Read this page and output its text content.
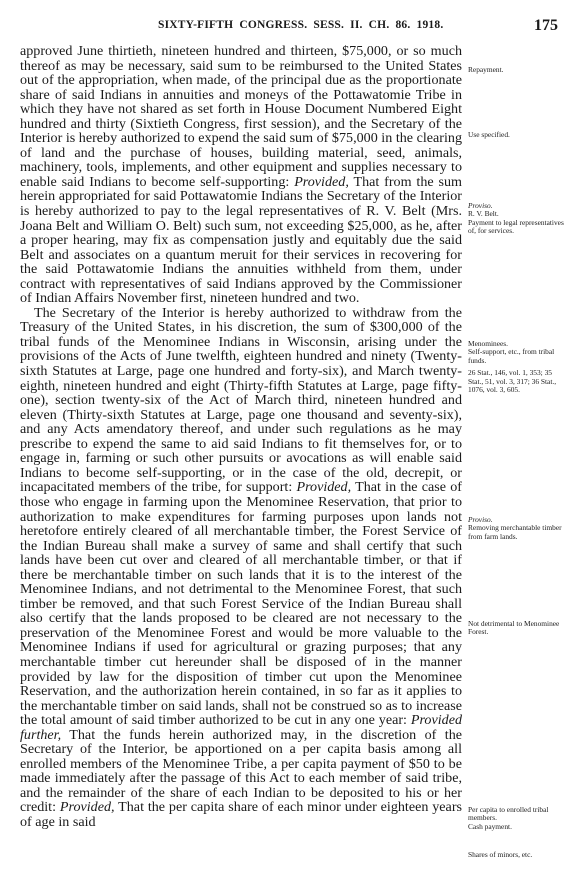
SIXTY-FIFTH CONGRESS. SESS. II. CH. 86. 1918.	175

approved June thirtieth, nineteen hundred and thirteen, $75,000, or so much thereof as may be necessary, said sum to be reimbursed to the United States out of the appropriation, when made, of the principal due as the proportionate share of said Indians in annuities and moneys of the Pottawatomie Tribe in which they have not shared as set forth in House Document Numbered Eight hundred and thirty (Sixtieth Congress, first session), and the Secretary of the Interior is hereby authorized to expend the said sum of $75,000 in the clearing of land and the purchase of houses, building material, seed, animals, machinery, tools, implements, and other equipment and supplies necessary to enable said Indians to become self-supporting: Provided, That from the sum herein appropriated for said Pottawatomie Indians the Secretary of the Interior is hereby authorized to pay to the legal representatives of R. V. Belt (Mrs. Joana Belt and William O. Belt) such sum, not exceeding $25,000, as he, after a proper hearing, may fix as compensation justly and equitably due the said Belt and associates on a quantum meruit for their services in recovering for the said Pottawatomie Indians the annuities withheld from them, under contract with representatives of said Indians approved by the Commissioner of Indian Affairs November first, nineteen hundred and two.

The Secretary of the Interior is hereby authorized to withdraw from the Treasury of the United States, in his discretion, the sum of $300,000 of the tribal funds of the Menominee Indians in Wisconsin, arising under the provisions of the Acts of June twelfth, eighteen hundred and ninety (Twenty-sixth Statutes at Large, page one hundred and forty-six), and March twenty-eighth, nineteen hundred and eight (Thirty-fifth Statutes at Large, page fifty-one), section twenty-six of the Act of March third, nineteen hundred and eleven (Thirty-sixth Statutes at Large, page one thousand and seventy-six), and any Acts amendatory thereof, and under such regulations as he may prescribe to expend the same to aid said Indians to fit themselves for, or to engage in, farming or such other pursuits or avocations as will enable said Indians to become self-supporting, or in the case of the old, decrepit, or incapacitated members of the tribe, for support: Provided, That in the case of those who engage in farming upon the Menominee Reservation, that prior to authorization to make expenditures for farming purposes upon lands not heretofore entirely cleared of all merchantable timber, the Forest Service of the Indian Bureau shall make a survey of same and shall certify that such lands have been cut over and cleared of all merchantable timber, or that if there be merchantable timber on such lands that it is to the interest of the Menominee Indians, and not detrimental to the Menominee Forest, that such timber be removed, and that such Forest Service of the Indian Bureau shall also certify that the lands proposed to be cleared are not necessary to the preservation of the Menominee Forest and would be more valuable to the Menominee Indians if used for agricultural or grazing purposes; that any merchantable timber cut hereunder shall be disposed of in the manner provided by law for the disposition of timber cut upon the Menominee Reservation, and the authorization herein contained, in so far as it applies to the merchantable timber on said lands, shall not be construed so as to increase the total amount of said timber authorized to be cut in any one year: Provided further, That the funds herein authorized may, in the discretion of the Secretary of the Interior, be apportioned on a per capita basis among all enrolled members of the Menominee Tribe, a per capita payment of $50 to be made immediately after the passage of this Act to each member of said tribe, and the remainder of the share of each Indian to be deposited to his or her credit: Provided, That the per capita share of each minor under eighteen years of age in said

Repayment.
Use specified.
Proviso.
R. V. Belt.
Payment to legal representatives of, for services.
Menominees.
Self-support, etc., from tribal funds.
26 Stat., 146, vol. 1, 353; 35 Stat., 51, vol. 3, 317; 36 Stat., 1076, vol. 3, 605.
Proviso.
Removing merchantable timber from farm lands.
Not detrimental to Menominee Forest.
Per capita to enrolled tribal members.
Cash payment.
Shares of minors, etc.
